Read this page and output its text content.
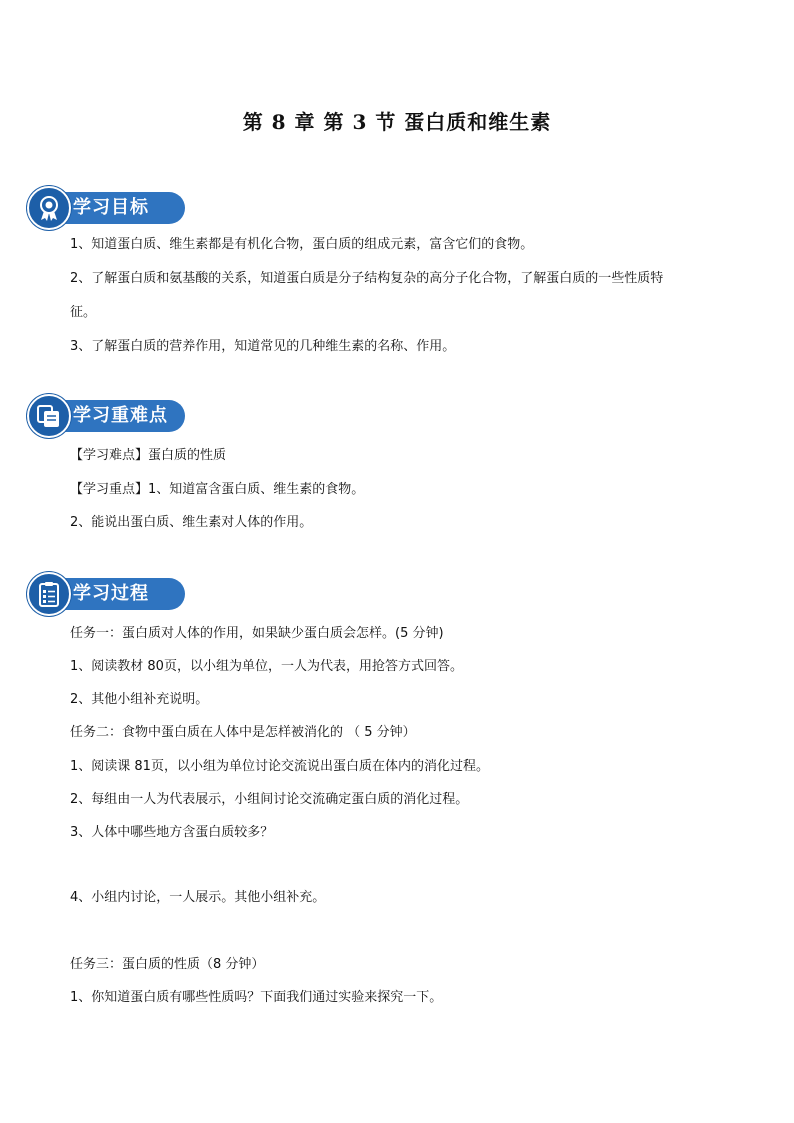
第 8 章 第 3 节 蛋白质和维生素
学习目标
1、知道蛋白质、维生素都是有机化合物，蛋白质的组成元素，富含它们的食物。
2、了解蛋白质和氨基酸的关系，知道蛋白质是分子结构复杂的高分子化合物，了解蛋白质的一些性质特
征。
3、了解蛋白质的营养作用，知道常见的几种维生素的名称、作用。
学习重难点
【学习难点】蛋白质的性质
【学习重点】1、知道富含蛋白质、维生素的食物。
2、能说出蛋白质、维生素对人体的作用。
学习过程
任务一：蛋白质对人体的作用，如果缺少蛋白质会怎样。(5 分钟)
1、阅读教材 80页，以小组为单位，一人为代表，用抢答方式回答。
2、其他小组补充说明。
任务二：食物中蛋白质在人体中是怎样被消化的 （ 5 分钟）
1、阅读课 81页，以小组为单位讨论交流说出蛋白质在体内的消化过程。
2、每组由一人为代表展示，小组间讨论交流确定蛋白质的消化过程。
3、人体中哪些地方含蛋白质较多？
4、小组内讨论，一人展示。其他小组补充。
任务三：蛋白质的性质（8 分钟）
1、你知道蛋白质有哪些性质吗？下面我们通过实验来探究一下。
